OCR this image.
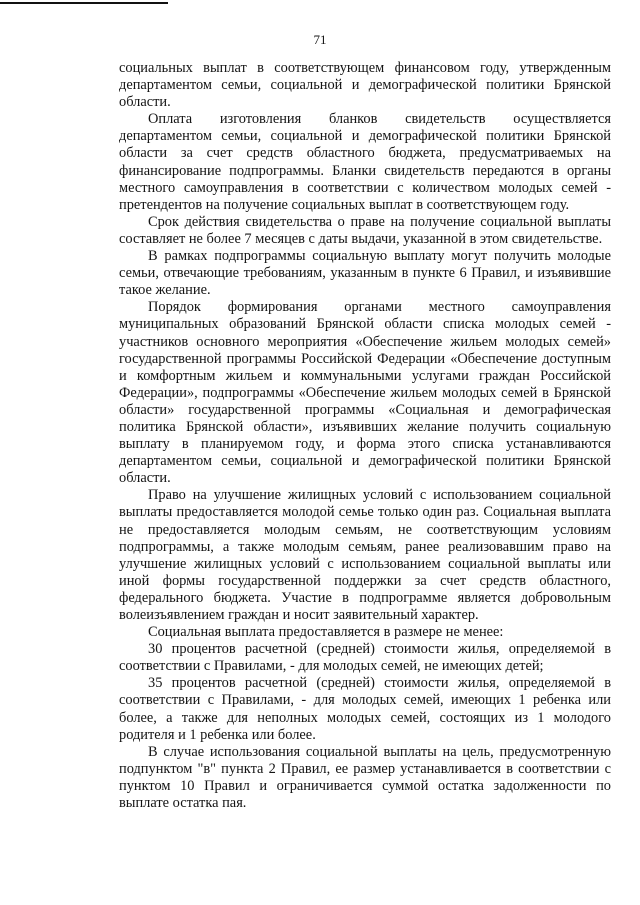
71

социальных выплат в соответствующем финансовом году, утвержденным департаментом семьи, социальной и демографической политики Брянской области.

Оплата изготовления бланков свидетельств осуществляется департаментом семьи, социальной и демографической политики Брянской области за счет средств областного бюджета, предусматриваемых на финансирование подпрограммы. Бланки свидетельств передаются в органы местного самоуправления в соответствии с количеством молодых семей - претендентов на получение социальных выплат в соответствующем году.

Срок действия свидетельства о праве на получение социальной выплаты составляет не более 7 месяцев с даты выдачи, указанной в этом свидетельстве.

В рамках подпрограммы социальную выплату могут получить молодые семьи, отвечающие требованиям, указанным в пункте 6 Правил, и изъявившие такое желание.

Порядок формирования органами местного самоуправления муниципальных образований Брянской области списка молодых семей - участников основного мероприятия «Обеспечение жильем молодых семей» государственной программы Российской Федерации «Обеспечение доступным и комфортным жильем и коммунальными услугами граждан Российской Федерации», подпрограммы «Обеспечение жильем молодых семей в Брянской области» государственной программы «Социальная и демографическая политика Брянской области», изъявивших желание получить социальную выплату в планируемом году, и форма этого списка устанавливаются департаментом семьи, социальной и демографической политики Брянской области.

Право на улучшение жилищных условий с использованием социальной выплаты предоставляется молодой семье только один раз. Социальная выплата не предоставляется молодым семьям, не соответствующим условиям подпрограммы, а также молодым семьям, ранее реализовавшим право на улучшение жилищных условий с использованием социальной выплаты или иной формы государственной поддержки за счет средств областного, федерального бюджета. Участие в подпрограмме является добровольным волеизъявлением граждан и носит заявительный характер.

Социальная выплата предоставляется в размере не менее:

30 процентов расчетной (средней) стоимости жилья, определяемой в соответствии с Правилами, - для молодых семей, не имеющих детей;

35 процентов расчетной (средней) стоимости жилья, определяемой в соответствии с Правилами, - для молодых семей, имеющих 1 ребенка или более, а также для неполных молодых семей, состоящих из 1 молодого родителя и 1 ребенка или более.

В случае использования социальной выплаты на цель, предусмотренную подпунктом "в" пункта 2 Правил, ее размер устанавливается в соответствии с пунктом 10 Правил и ограничивается суммой остатка задолженности по выплате остатка пая.
